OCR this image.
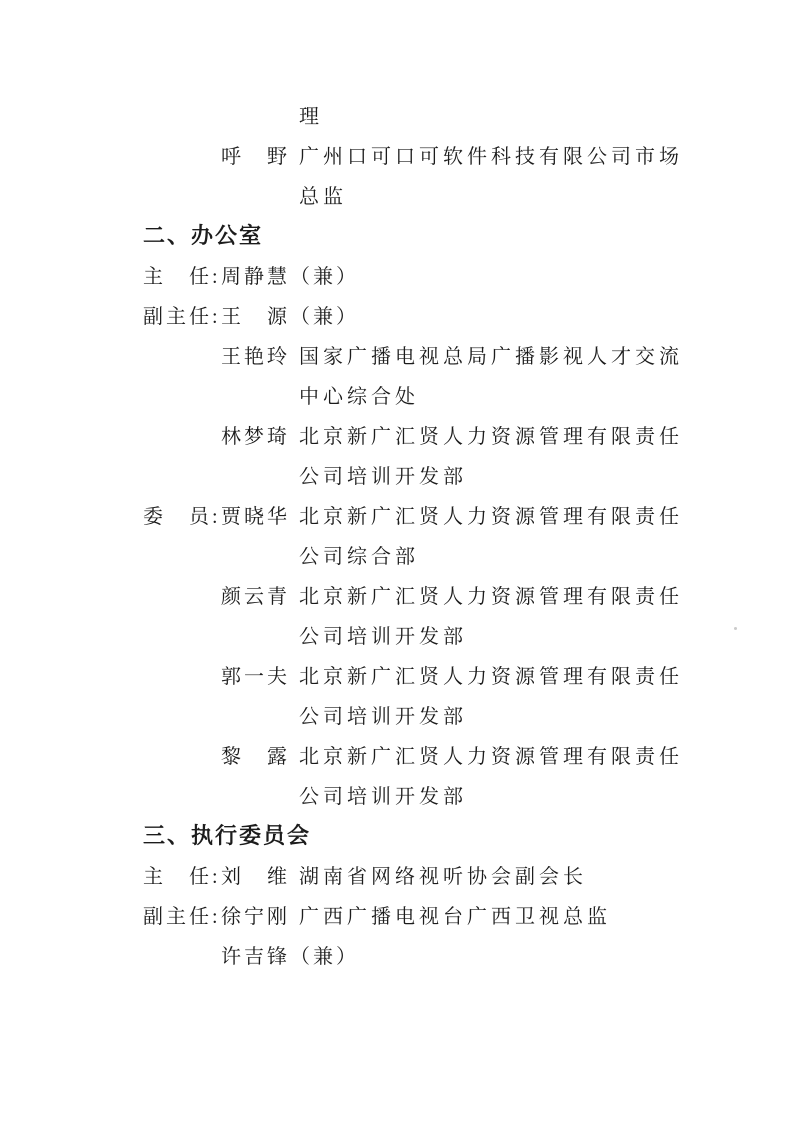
理
呼　野 广州口可口可软件科技有限公司市场
总监
二、办公室
主　任: 周静慧（兼）
副主任: 王　源（兼）
王艳玲 国家广播电视总局广播影视人才交流
中心综合处
林梦琦 北京新广汇贤人力资源管理有限责任
公司培训开发部
委　员: 贾晓华 北京新广汇贤人力资源管理有限责任
公司综合部
颜云青 北京新广汇贤人力资源管理有限责任
公司培训开发部
郭一夫 北京新广汇贤人力资源管理有限责任
公司培训开发部
黎　露 北京新广汇贤人力资源管理有限责任
公司培训开发部
三、执行委员会
主　任: 刘　维 湖南省网络视听协会副会长
副主任: 徐宁刚 广西广播电视台广西卫视总监
许吉锋（兼）
